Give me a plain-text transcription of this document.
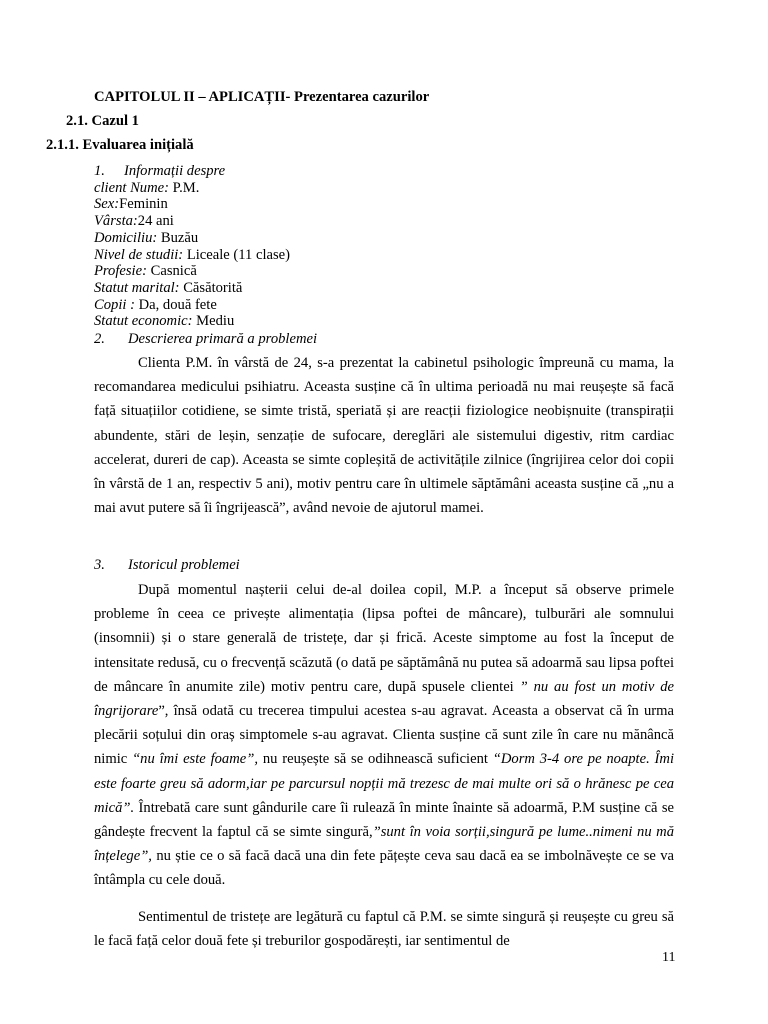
CAPITOLUL II – APLICAȚII- Prezentarea cazurilor
2.1. Cazul 1
2.1.1. Evaluarea inițială
1. Informații despre
client Nume: P.M.
Sex:Feminin
Vârsta:24 ani
Domiciliu: Buzău
Nivel de studii: Liceale (11 clase)
Profesie: Casnică
Statut marital: Căsătorită
Copii : Da, două fete
Statut economic: Mediu
2. Descrierea primară a problemei

Clienta P.M. în vârstă de 24, s-a prezentat la cabinetul psihologic împreună cu mama, la recomandarea medicului psihiatru. Aceasta susține că în ultima perioadă nu mai reușește să facă față situațiilor cotidiene, se simte tristă, speriată și are reacții fiziologice neobișnuite (transpirații abundente, stări de leșin, senzație de sufocare, dereglări ale sistemului digestiv, ritm cardiac accelerat, dureri de cap). Aceasta se simte copleșită de activitățile zilnice (îngrijirea celor doi copii în vârstă de 1 an, respectiv 5 ani), motiv pentru care în ultimele săptămâni aceasta susține că „nu a mai avut putere să îi îngrijească”, având nevoie de ajutorul mamei.

3. Istoricul problemei

După momentul nașterii celui de-al doilea copil, M.P. a început să observe primele probleme în ceea ce privește alimentația (lipsa poftei de mâncare), tulburări ale somnului (insomnii) și o stare generală de tristețe, dar și frică. Aceste simptome au fost la început de intensitate redusă, cu o frecvență scăzută (o dată pe săptămână nu putea să adoarmă sau lipsa poftei de mâncare în anumite zile) motiv pentru care, după spusele clientei ” nu au fost un motiv de îngrijorare”, însă odată cu trecerea timpului acestea s-au agravat. Aceasta a observat că în urma plecării soțului din oraș simptomele s-au agravat. Clienta susține că sunt zile în care nu mănâncă nimic “nu îmi este foame”, nu reușește să se odihnească suficient “Dorm 3-4 ore pe noapte. Îmi este foarte greu să adorm,iar pe parcursul nopții mă trezesc de mai multe ori să o hrănesc pe cea mică”. Întrebată care sunt gândurile care îi rulează în minte înainte să adoarmă, P.M susține că se gândește frecvent la faptul că se simte singură,”sunt în voia sorții,singură pe lume..nimeni nu mă înțelege”, nu știe ce o să facă dacă una din fete pățește ceva sau dacă ea se imbolnăvește ce se va întâmpla cu cele două.

Sentimentul de tristețe are legătură cu faptul că P.M. se simte singură și reușește cu greu să le facă față celor două fete și treburilor gospodărești, iar sentimentul de

11
